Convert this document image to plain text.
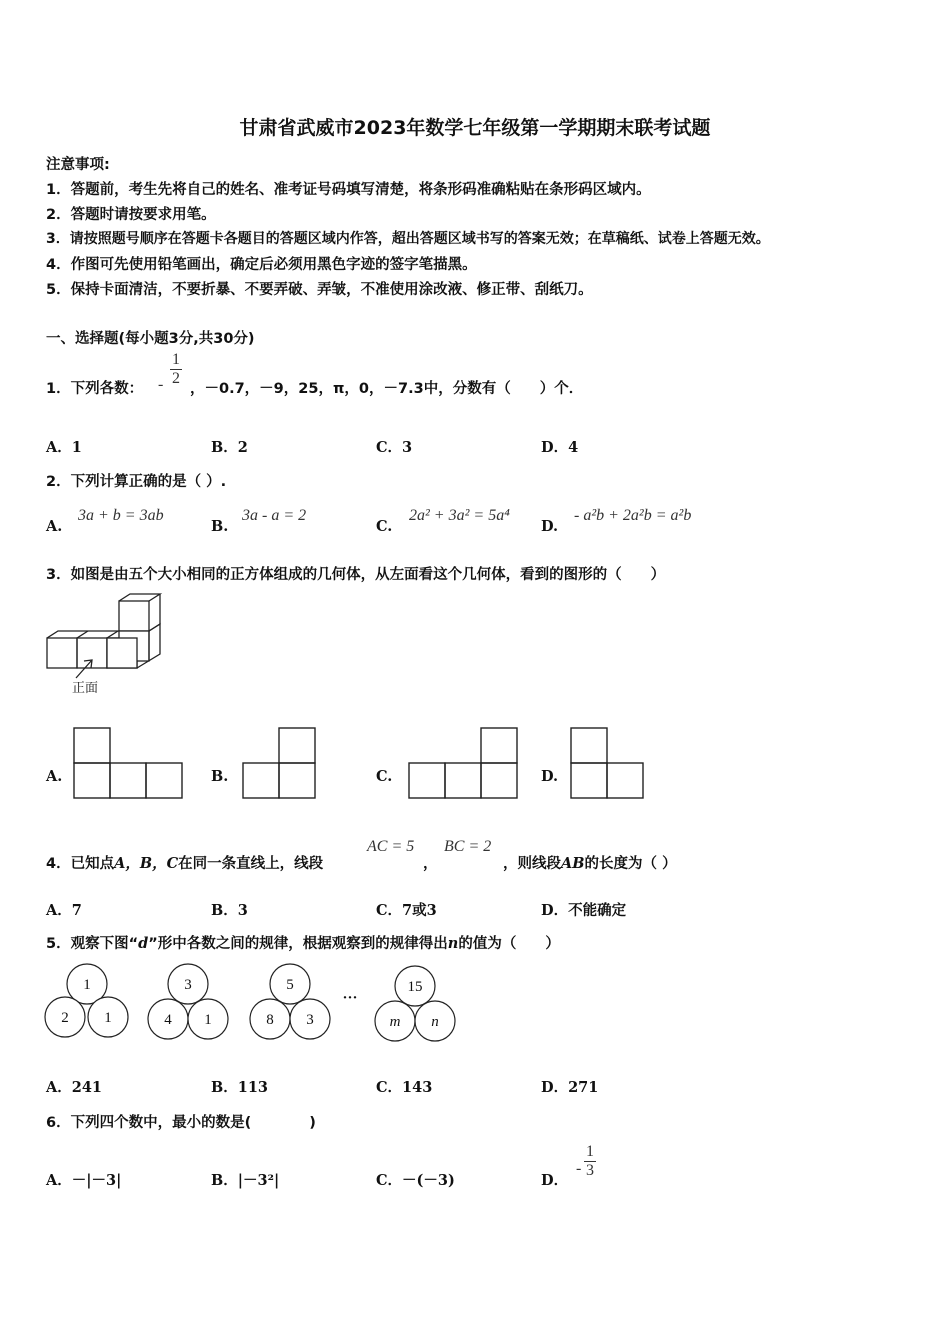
甘肃省武威市2023年数学七年级第一学期期末联考试题
注意事项:
1．答题前，考生先将自己的姓名、准考证号码填写清楚，将条形码准确粘贴在条形码区域内。
2．答题时请按要求用笔。
3．请按照题号顺序在答题卡各题目的答题区域内作答，超出答题区域书写的答案无效；在草稿纸、试卷上答题无效。
4．作图可先使用铅笔画出，确定后必须用黑色字迹的签字笔描黑。
5．保持卡面清洁，不要折暴、不要弄破、弄皱，不准使用涂改液、修正带、刮纸刀。
一、选择题(每小题3分,共30分)
1．下列各数： - $\frac{1}{2}$
，－0.7，－9，25，π，0，－7.3中，分数有（　　）个．
A．1	B．2	C．3	D．4
2．下列计算正确的是（ ）.
A.
3a + b = 3ab
B.
3a - a = 2
C.
2a² + 3a² = 5a⁴
D.
- a²b + 2a²b = a²b
3．如图是由五个大小相同的正方体组成的几何体，从左面看这个几何体，看到的图形的（　　）
正面
A.	B.	C.	D.
4．已知点A，B，C在同一条直线上，线段
AC = 5
，
BC = 2
，则线段AB的长度为（ ）
A．7	B．3	C．7或3	D．不能确定
5．观察下图“d”形中各数之间的规律，根据观察到的规律得出n的值为（　　）
1
2 1
3
4 1
5
8 3
···
15
m n
A．241	B．113	C．143	D．271
6．下列四个数中，最小的数是(　　　　)
A．－|－3|	B．|－3²|	C．－(－3)	D．
- $\frac{1}{3}$
